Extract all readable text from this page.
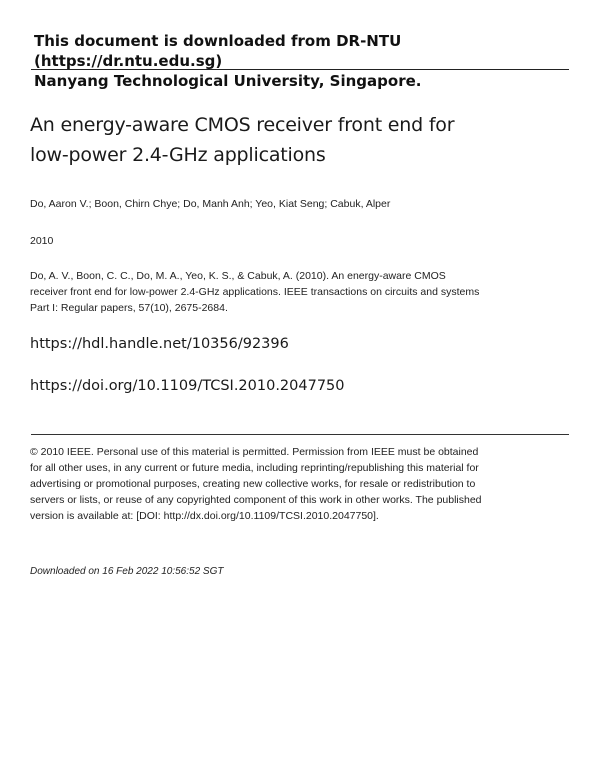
This document is downloaded from DR-NTU (https://dr.ntu.edu.sg)
Nanyang Technological University, Singapore.
An energy-aware CMOS receiver front end for
low-power 2.4-GHz applications
Do, Aaron V.; Boon, Chirn Chye; Do, Manh Anh; Yeo, Kiat Seng; Cabuk, Alper
2010
Do, A. V., Boon, C. C., Do, M. A., Yeo, K. S., & Cabuk, A. (2010). An energy-aware CMOS receiver front end for low-power 2.4-GHz applications. IEEE transactions on circuits and systems Part I: Regular papers, 57(10), 2675-2684.
https://hdl.handle.net/10356/92396
https://doi.org/10.1109/TCSI.2010.2047750
© 2010 IEEE. Personal use of this material is permitted. Permission from IEEE must be obtained for all other uses, in any current or future media, including reprinting/republishing this material for advertising or promotional purposes, creating new collective works, for resale or redistribution to servers or lists, or reuse of any copyrighted component of this work in other works. The published version is available at: [DOI: http://dx.doi.org/10.1109/TCSI.2010.2047750].
Downloaded on 16 Feb 2022 10:56:52 SGT
